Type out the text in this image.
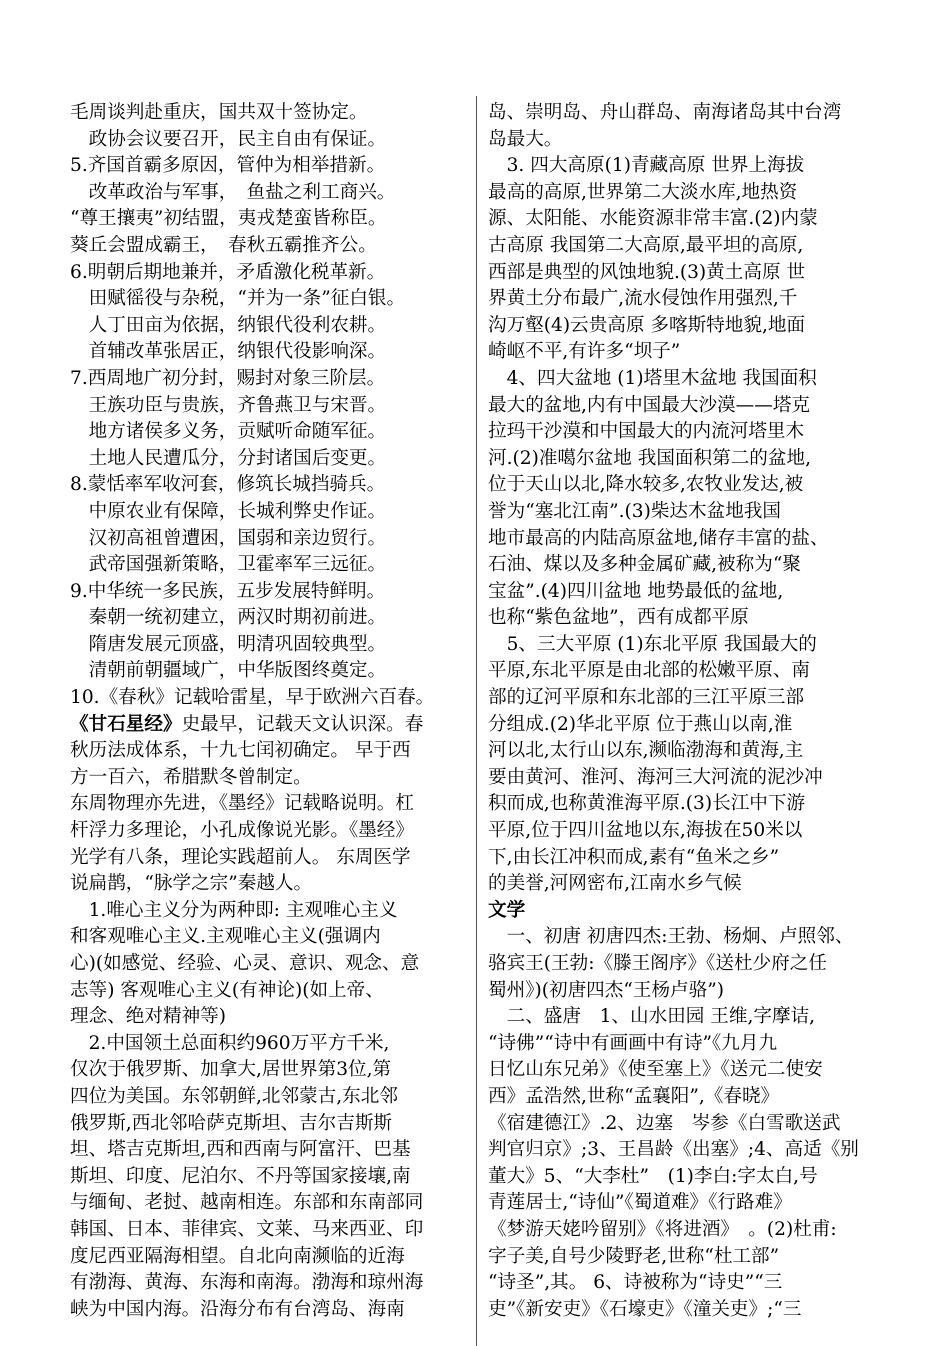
毛周谈判赴重庆，国共双十签协定。
　政协会议要召开，民主自由有保证。
5.齐国首霸多原因，管仲为相举措新。
　改革政治与军事，　鱼盐之利工商兴。
“尊王攘夷”初结盟，夷戎楚蛮皆称臣。
葵丘会盟成霸王，　春秋五霸推齐公。
6.明朝后期地兼并，矛盾激化税革新。
　田赋徭役与杂税，“并为一条”征白银。
　人丁田亩为依据，纳银代役利农耕。
　首辅改革张居正，纳银代役影响深。
7.西周地广初分封，赐封对象三阶层。
　王族功臣与贵族，齐鲁燕卫与宋晋。
　地方诸侯多义务，贡赋听命随军征。
　土地人民遭瓜分，分封诸国后变更。
8.蒙恬率军收河套，修筑长城挡骑兵。
　中原农业有保障，长城利弊史作证。
　汉初高祖曾遭困，国弱和亲边贸行。
　武帝国强新策略，卫霍率军三远征。
9.中华统一多民族，五步发展特鲜明。
　秦朝一统初建立，两汉时期初前进。
　隋唐发展元顶盛，明清巩固较典型。
　清朝前朝疆域广，中华版图终奠定。
10.《春秋》记载哈雷星，早于欧洲六百春。
《甘石星经》史最早，记载天文认识深。春
秋历法成体系，十九七闰初确定。 早于西
方一百六，希腊默冬曾制定。
东周物理亦先进，《墨经》记载略说明。杠
杆浮力多理论，小孔成像说光影。《墨经》
光学有八条，理论实践超前人。 东周医学
说扁鹊，“脉学之宗”秦越人。
　1.唯心主义分为两种即: 主观唯心主义
和客观唯心主义.主观唯心主义(强调内
心)(如感觉、经验、心灵、意识、观念、意
志等) 客观唯心主义(有神论)(如上帝、
理念、绝对精神等)
　2.中国领土总面积约960万平方千米,
仅次于俄罗斯、加拿大,居世界第3位,第
四位为美国。东邻朝鲜,北邻蒙古,东北邻
俄罗斯,西北邻哈萨克斯坦、吉尔吉斯斯
坦、塔吉克斯坦,西和西南与阿富汗、巴基
斯坦、印度、尼泊尔、不丹等国家接壤,南
与缅甸、老挝、越南相连。东部和东南部同
韩国、日本、菲律宾、文莱、马来西亚、印
度尼西亚隔海相望。自北向南濒临的近海
有渤海、黄海、东海和南海。渤海和琼州海
峡为中国内海。沿海分布有台湾岛、海南
岛、崇明岛、舟山群岛、南海诸岛其中台湾
岛最大。
　3. 四大高原(1)青藏高原 世界上海拔
最高的高原,世界第二大淡水库,地热资
源、太阳能、水能资源非常丰富.(2)内蒙
古高原 我国第二大高原,最平坦的高原,
西部是典型的风蚀地貌.(3)黄土高原 世
界黄土分布最广,流水侵蚀作用强烈,千
沟万壑(4)云贵高原 多喀斯特地貌,地面
崎岖不平,有许多“坝子”
　4、四大盆地 (1)塔里木盆地 我国面积
最大的盆地,内有中国最大沙漠——塔克
拉玛干沙漠和中国最大的内流河塔里木
河.(2)准噶尔盆地 我国面积第二的盆地,
位于天山以北,降水较多,农牧业发达,被
誉为“塞北江南”.(3)柴达木盆地我国
地市最高的内陆高原盆地,储存丰富的盐、
石油、煤以及多种金属矿藏,被称为“聚
宝盆”.(4)四川盆地 地势最低的盆地,
也称“紫色盆地”，西有成都平原
　5、三大平原 (1)东北平原 我国最大的
平原,东北平原是由北部的松嫩平原、南
部的辽河平原和东北部的三江平原三部
分组成.(2)华北平原 位于燕山以南,淮
河以北,太行山以东,濒临渤海和黄海,主
要由黄河、淮河、海河三大河流的泥沙冲
积而成,也称黄淮海平原.(3)长江中下游
平原,位于四川盆地以东,海拔在50米以
下,由长江冲积而成,素有“鱼米之乡”
的美誉,河网密布,江南水乡气候
文学
　一、初唐 初唐四杰:王勃、杨炯、卢照邻、
骆宾王(王勃:《滕王阁序》《送杜少府之任
蜀州》)(初唐四杰“王杨卢骆”)
　二、盛唐　1、山水田园 王维,字摩诘,
“诗佛”“诗中有画画中有诗”《九月九
日忆山东兄弟》《使至塞上》《送元二使安
西》孟浩然,世称“孟襄阳”,《春晓》
《宿建德江》.2、边塞　岑参《白雪歌送武
判官归京》;3、王昌龄《出塞》;4、高适《别
董大》5、“大李杜”　(1)李白:字太白,号
青莲居士,“诗仙”《蜀道难》《行路难》
《梦游天姥吟留别》《将进酒》　。(2)杜甫:
字子美,自号少陵野老,世称“杜工部”
“诗圣”,其。 6、诗被称为“诗史”“三
吏”《新安吏》《石壕吏》《潼关吏》;“三
